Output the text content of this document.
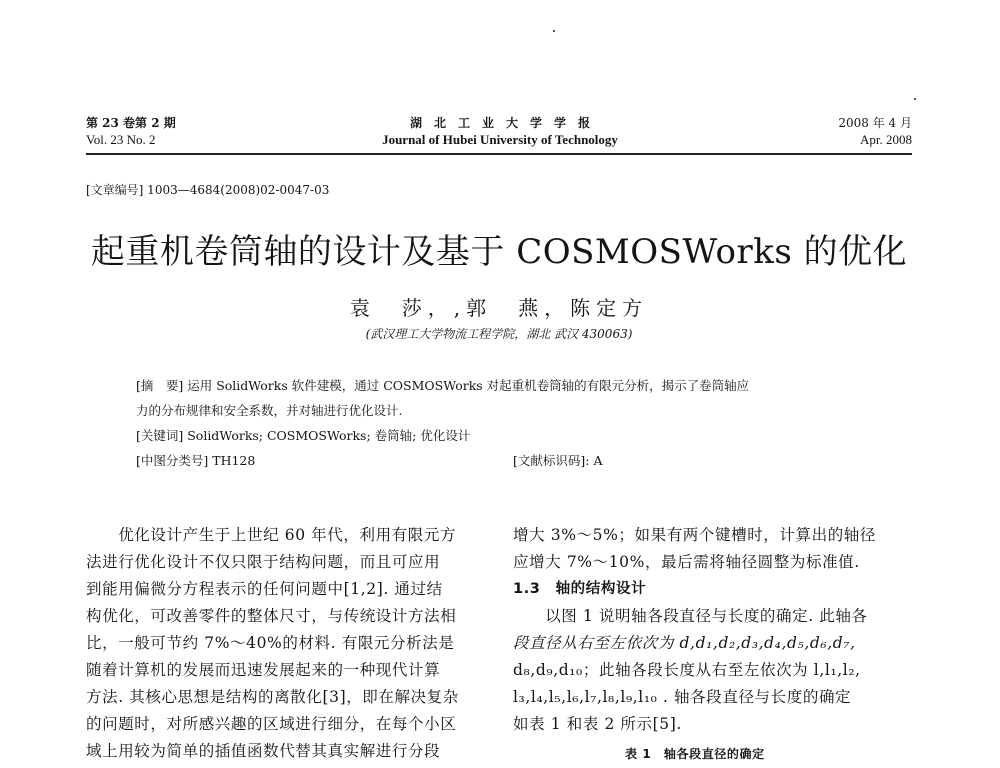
第 23 卷第 2 期
Vol. 23 No. 2
湖　北　工　业　大　学　学　报
Journal of Hubei University of Technology
2008 年 4 月
Apr. 2008
[文章编号] 1003—4684(2008)02-0047-03
起重机卷筒轴的设计及基于 COSMOSWorks 的优化
袁　莎，,郭　燕，陈定方
(武汉理工大学物流工程学院，湖北 武汉 430063)
[摘　要] 运用 SolidWorks 软件建模，通过 COSMOSWorks 对起重机卷筒轴的有限元分析，揭示了卷筒轴应
力的分布规律和安全系数，并对轴进行优化设计.
[关键词] SolidWorks; COSMOSWorks; 卷筒轴; 优化设计
[中图分类号] TH128	[文献标识码]: A
　　优化设计产生于上世纪 60 年代，利用有限元方
法进行优化设计不仅只限于结构问题，而且可应用
到能用偏微分方程表示的任何问题中[1,2]. 通过结
构优化，可改善零件的整体尺寸，与传统设计方法相
比，一般可节约 7%～40%的材料. 有限元分析法是
随着计算机的发展而迅速发展起来的一种现代计算
方法. 其核心思想是结构的离散化[3]，即在解决复杂
的问题时，对所感兴趣的区域进行细分，在每个小区
域上用较为简单的插值函数代替其真实解进行分段
增大 3%～5%；如果有两个键槽时，计算出的轴径
应增大 7%～10%，最后需将轴径圆整为标准值.
1.3　轴的结构设计
　　以图 1 说明轴各段直径与长度的确定. 此轴各
段直径从右至左依次为 d,d₁,d₂,d₃,d₄,d₅,d₆,d₇,
d₈,d₉,d₁₀；此轴各段长度从右至左依次为 l,l₁,l₂,
l₃,l₄,l₅,l₆,l₇,l₈,l₉,l₁₀ . 轴各段直径与长度的确定
如表 1 和表 2 所示[5].
表 1　轴各段直径的确定
